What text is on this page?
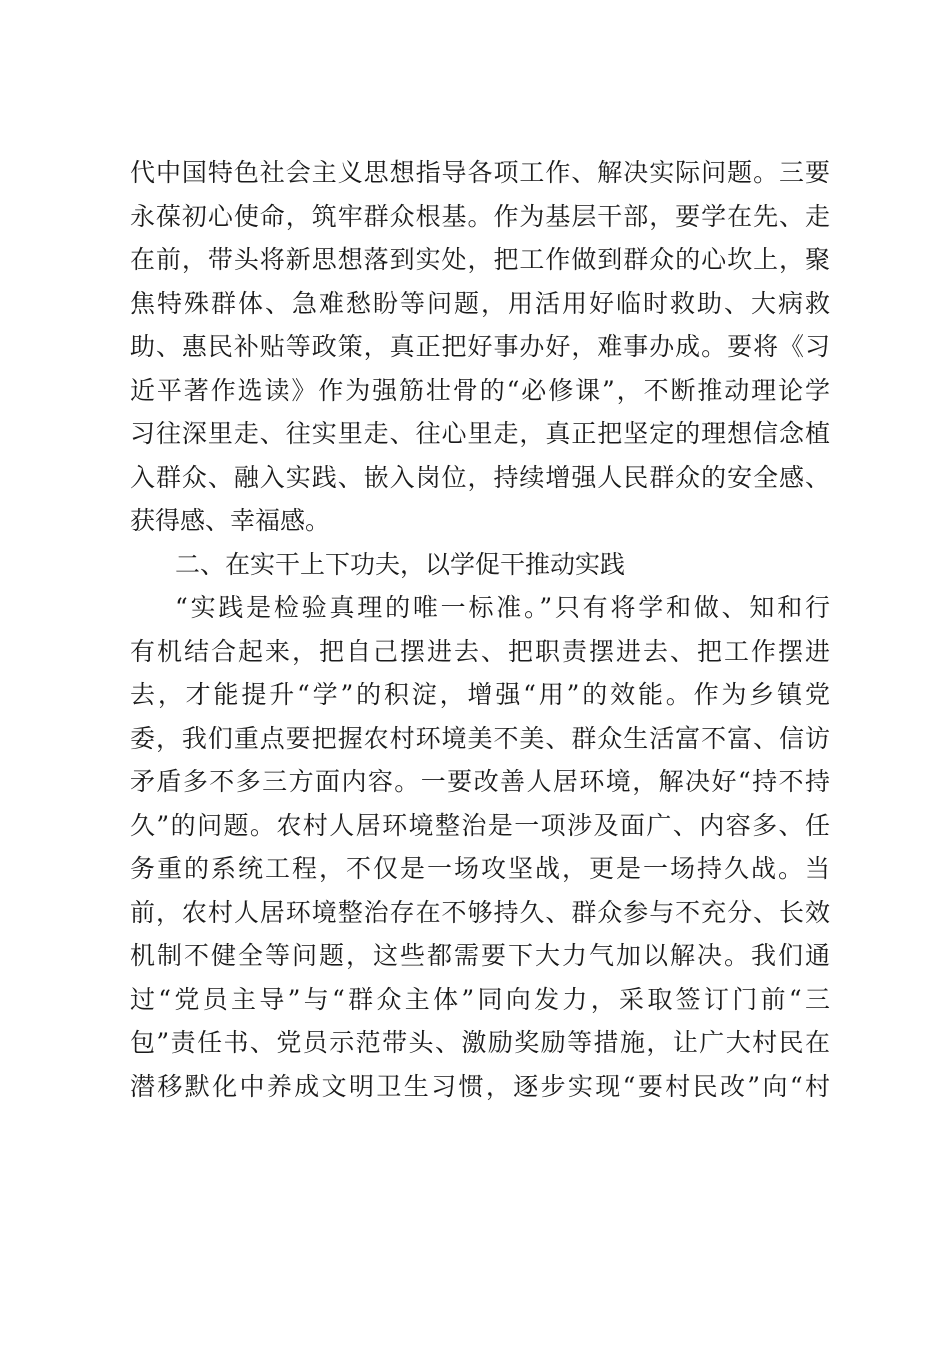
代中国特色社会主义思想指导各项工作、解决实际问题。三要
永葆初心使命，筑牢群众根基。作为基层干部，要学在先、走
在前，带头将新思想落到实处，把工作做到群众的心坎上，聚
焦特殊群体、急难愁盼等问题，用活用好临时救助、大病救
助、惠民补贴等政策，真正把好事办好，难事办成。要将《习
近平著作选读》作为强筋壮骨的“必修课”，不断推动理论学
习往深里走、往实里走、往心里走，真正把坚定的理想信念植
入群众、融入实践、嵌入岗位，持续增强人民群众的安全感、
获得感、幸福感。
二、在实干上下功夫，以学促干推动实践
“实践是检验真理的唯一标准。”只有将学和做、知和行
有机结合起来，把自己摆进去、把职责摆进去、把工作摆进
去，才能提升“学”的积淀，增强“用”的效能。作为乡镇党
委，我们重点要把握农村环境美不美、群众生活富不富、信访
矛盾多不多三方面内容。一要改善人居环境，解决好“持不持
久”的问题。农村人居环境整治是一项涉及面广、内容多、任
务重的系统工程，不仅是一场攻坚战，更是一场持久战。当
前，农村人居环境整治存在不够持久、群众参与不充分、长效
机制不健全等问题，这些都需要下大力气加以解决。我们通
过“党员主导”与“群众主体”同向发力，采取签订门前“三
包”责任书、党员示范带头、激励奖励等措施，让广大村民在
潜移默化中养成文明卫生习惯，逐步实现“要村民改”向“村
